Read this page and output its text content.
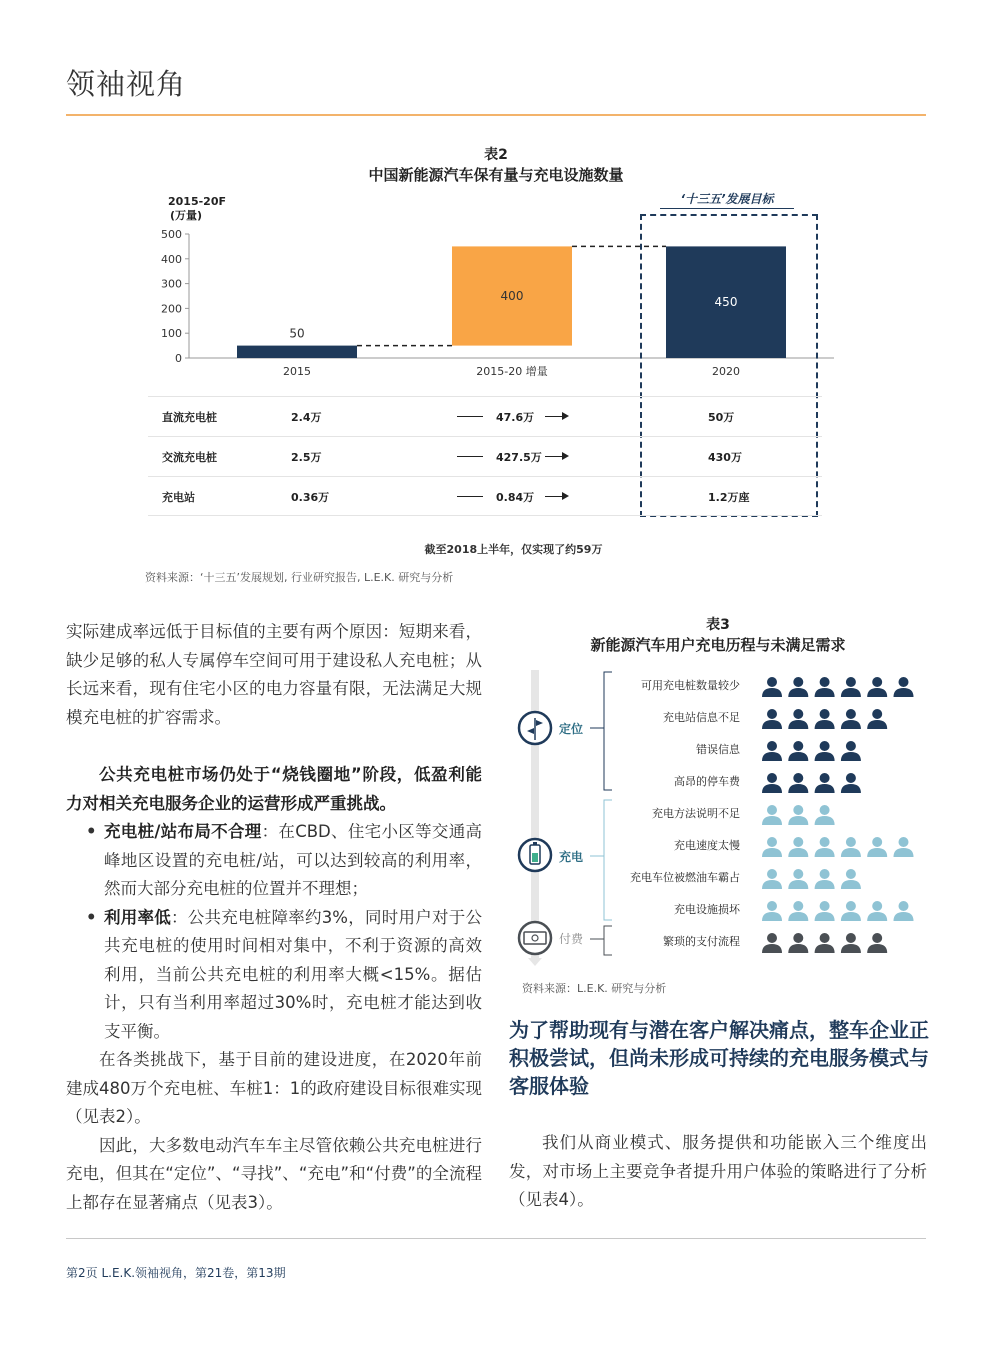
领袖视角
表2
中国新能源汽车保有量与充电设施数量
‘十三五’发展目标
2015-20F
(万量)
500
400
300
200
100
0
50
2015
400
2015-20 增量
450
2020
直流充电桩	2.4万	47.6万	50万
交流充电桩	2.5万	427.5万	430万
充电站	0.36万	0.84万	1.2万座
截至2018上半年，仅实现了约59万
资料来源：‘十三五’发展规划, 行业研究报告, L.E.K. 研究与分析

实际建成率远低于目标值的主要有两个原因：短期来看，缺少足够的私人专属停车空间可用于建设私人充电桩；从长远来看，现有住宅小区的电力容量有限，无法满足大规模充电桩的扩容需求。

公共充电桩市场仍处于“烧钱圈地”阶段，低盈利能力对相关充电服务企业的运营形成严重挑战。

• 充电桩/站布局不合理：在CBD、住宅小区等交通高峰地区设置的充电桩/站，可以达到较高的利用率，然而大部分充电桩的位置并不理想；
• 利用率低：公共充电桩障率约3%，同时用户对于公共充电桩的使用时间相对集中，不利于资源的高效利用，当前公共充电桩的利用率大概<15%。据估计，只有当利用率超过30%时，充电桩才能达到收支平衡。

在各类挑战下，基于目前的建设进度，在2020年前建成480万个充电桩、车桩1：1的政府建设目标很难实现（见表2）。

因此，大多数电动汽车车主尽管依赖公共充电桩进行充电，但其在“定位”、“寻找”、“充电”和“付费”的全流程上都存在显著痛点（见表3）。

表3
新能源汽车用户充电历程与未满足需求
定位
充电
付费
可用充电桩数量较少
充电站信息不足
错误信息
高昂的停车费
充电方法说明不足
充电速度太慢
充电车位被燃油车霸占
充电设施损坏
繁琐的支付流程
资料来源：L.E.K. 研究与分析
为了帮助现有与潜在客户解决痛点，整车企业正积极尝试，但尚未形成可持续的充电服务模式与客服体验

我们从商业模式、服务提供和功能嵌入三个维度出发，对市场上主要竞争者提升用户体验的策略进行了分析（见表4）。

第2页 L.E.K.领袖视角，第21卷，第13期
